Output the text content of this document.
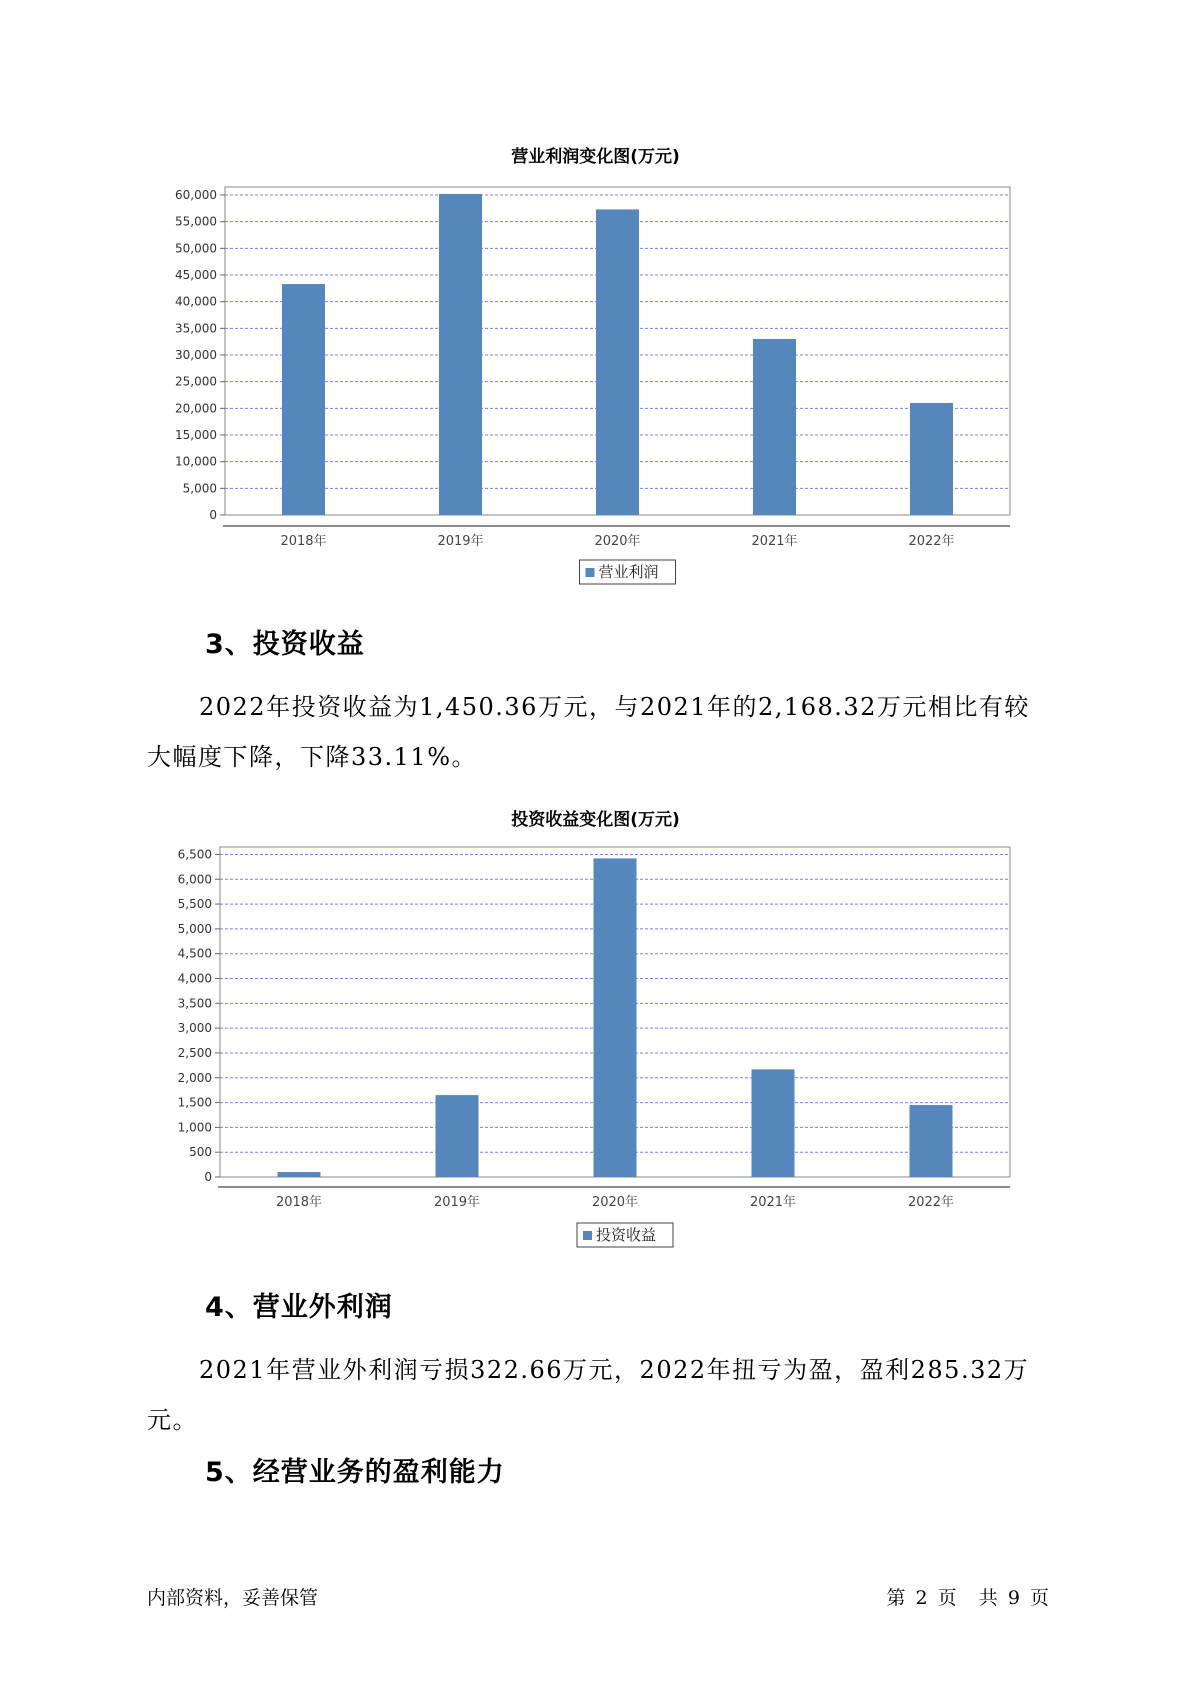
营业利润变化图(万元)
0
5,000
10,000
15,000
20,000
25,000
30,000
35,000
40,000
45,000
50,000
55,000
60,000
2018年	2019年	2020年	2021年	2022年
营业利润
3、投资收益
2022年投资收益为1,450.36万元，与2021年的2,168.32万元相比有较
大幅度下降，下降33.11%。
投资收益变化图(万元)
0
500
1,000
1,500
2,000
2,500
3,000
3,500
4,000
4,500
5,000
5,500
6,000
6,500
2018年	2019年	2020年	2021年	2022年
投资收益
4、营业外利润
2021年营业外利润亏损322.66万元，2022年扭亏为盈，盈利285.32万
元。
5、经营业务的盈利能力
内部资料，妥善保管	第 2 页 共 9 页
